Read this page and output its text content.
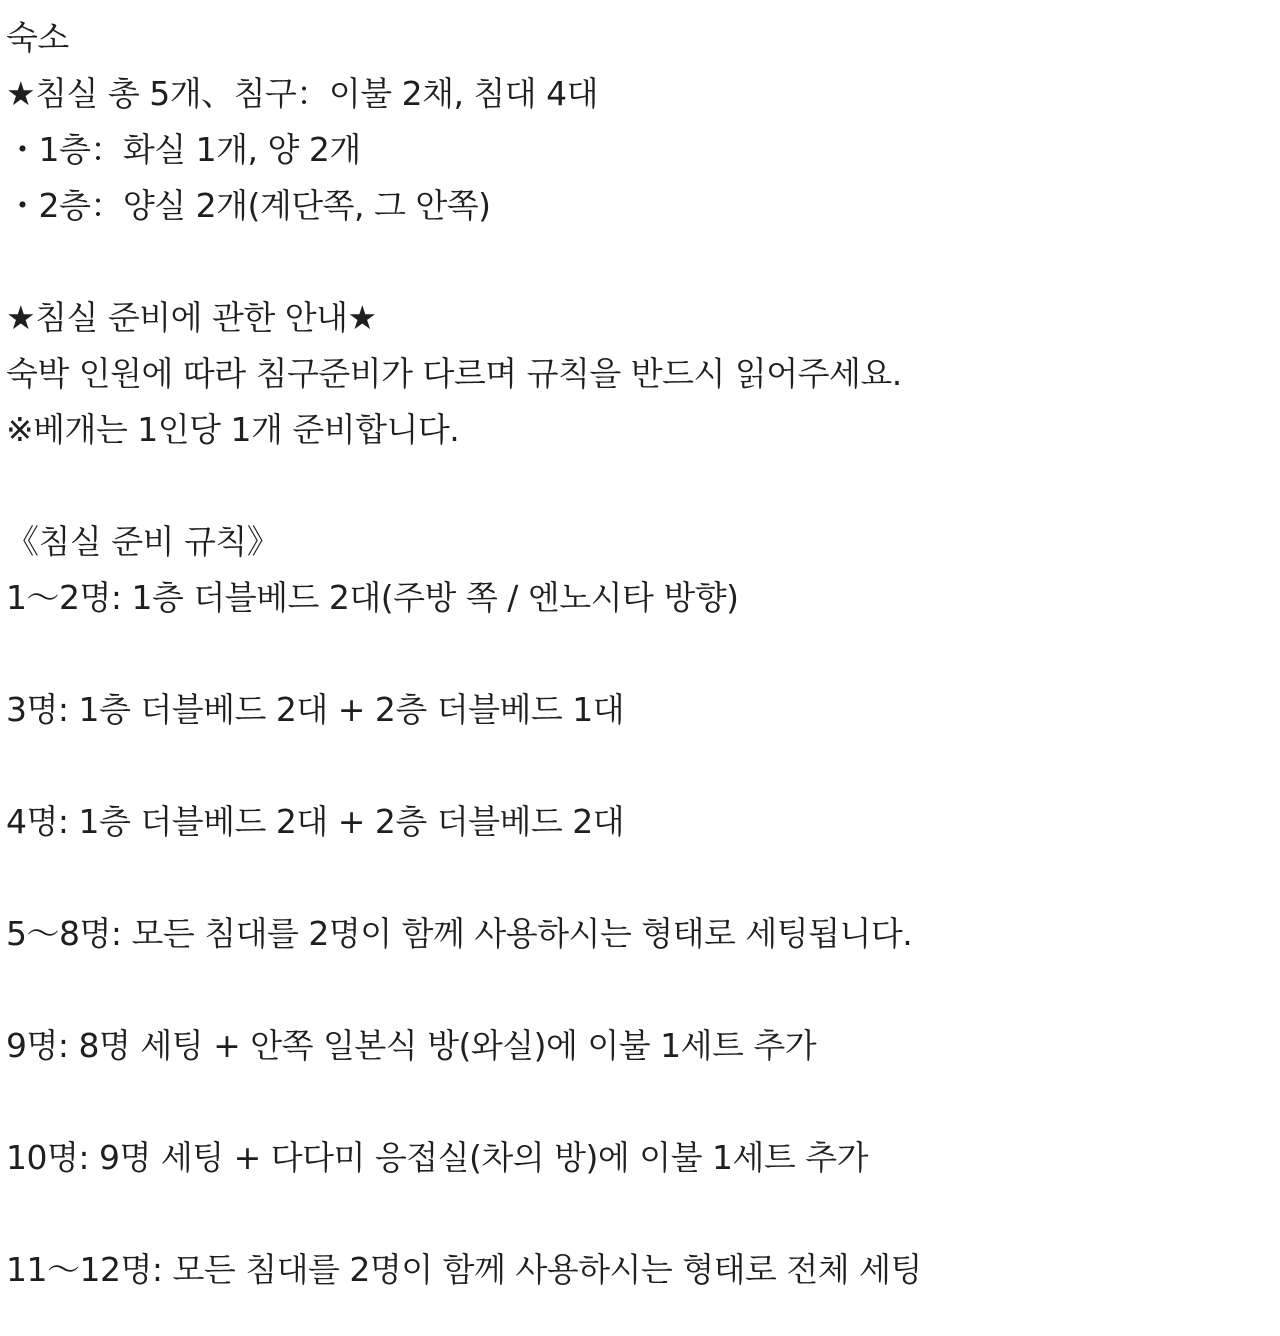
숙소
★침실 총 5개、침구：이불 2채, 침대 4대
・1층：화실 1개, 양 2개
・2층：양실 2개(계단쪽, 그 안쪽)
★침실 준비에 관한 안내★
숙박 인원에 따라 침구준비가 다르며 규칙을 반드시 읽어주세요.
※베개는 1인당 1개 준비합니다.
《침실 준비 규칙》
1〜2명: 1층 더블베드 2대(주방 쪽 / 엔노시타 방향)
3명: 1층 더블베드 2대 + 2층 더블베드 1대
4명: 1층 더블베드 2대 + 2층 더블베드 2대
5〜8명: 모든 침대를 2명이 함께 사용하시는 형태로 세팅됩니다.
9명: 8명 세팅 + 안쪽 일본식 방(와실)에 이불 1세트 추가
10명: 9명 세팅 + 다다미 응접실(차의 방)에 이불 1세트 추가
11〜12명: 모든 침대를 2명이 함께 사용하시는 형태로 전체 세팅
